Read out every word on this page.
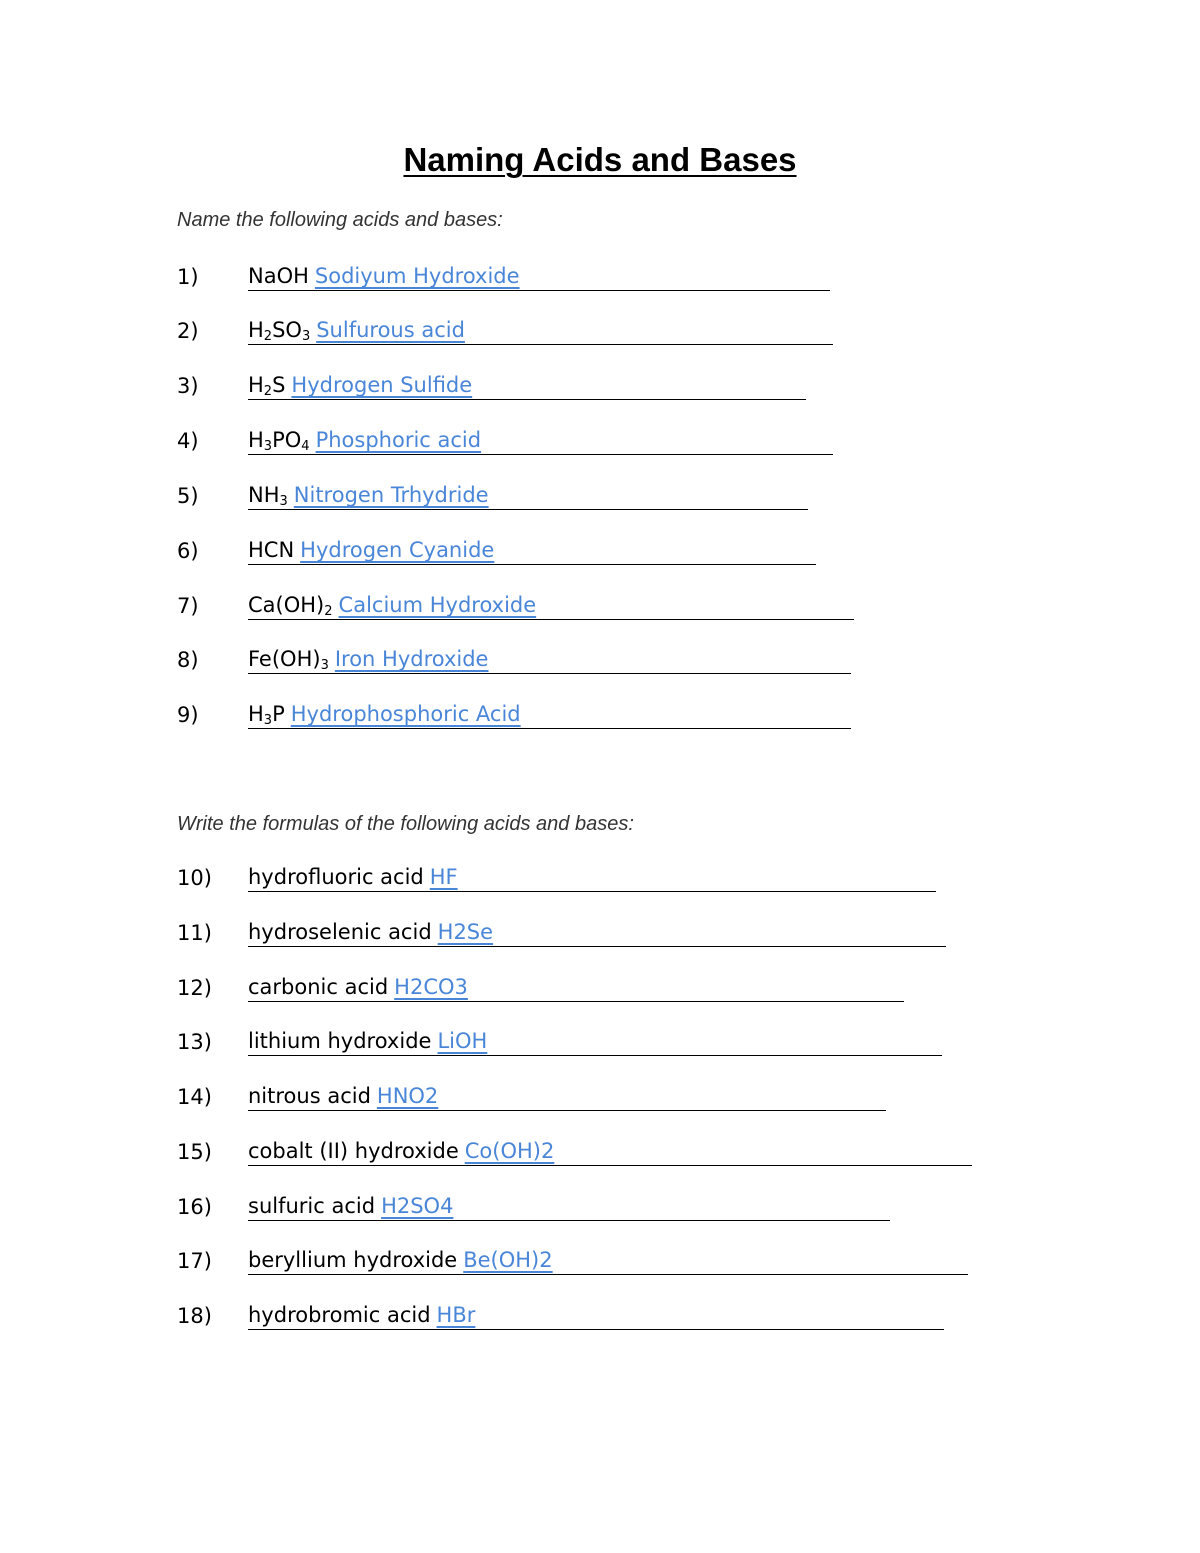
Naming Acids and Bases
Name the following acids and bases:
1) NaOH Sodiyum Hydroxide
2) $H_2SO_3$ Sulfurous acid
3) $H_2S$ Hydrogen Sulfide
4) $H_3PO_4$ Phosphoric acid
5) $NH_3$ Nitrogen Trhydride
6) HCN Hydrogen Cyanide
7) $Ca(OH)_2$ Calcium Hydroxide
8) $Fe(OH)_3$ Iron Hydroxide
9) $H_3P$ Hydrophosphoric Acid
Write the formulas of the following acids and bases:
10) hydrofluoric acid HF
11) hydroselenic acid H2Se
12) carbonic acid H2CO3
13) lithium hydroxide LiOH
14) nitrous acid HNO2
15) cobalt (II) hydroxide Co(OH)2
16) sulfuric acid H2SO4
17) beryllium hydroxide Be(OH)2
18) hydrobromic acid HBr
